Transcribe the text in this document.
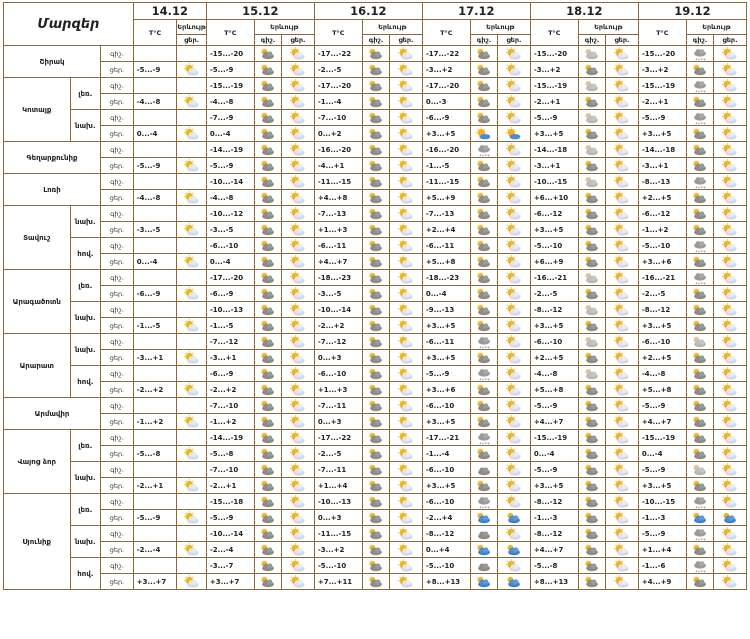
Մարզեր			14.12		15.12			16.12			17.12			18.12			19.12		
			T°C	Երևույթ	T°C	Երևույթ		T°C	Երևույթ		T°C	Երևույթ		T°C	Երևույթ		T°C	Երևույթ	
				ցեր.		գիշ.	ցեր.		գիշ.	ցեր.		գիշ.	ցեր.		գիշ.	ցեր.		գիշ.	ցեր.
Շիրակ		գիշ.			-15...-20			-17...-22			-17...-22			-15...-20			-15...-20	

		ցեր.	-5...-9		-5...-9			-2...-5			-3...+2			-3...+2			-3...+2	

Կոտայք	լեռ.	գիշ.			-15...-19			-17...-20			-17...-20			-15...-19			-15...-19	

		ցեր.	-4...-8		-4...-8			-1...-4			0...-3			-2...+1			-2...+1	

	նախ.	գիշ.			-7...-9			-7...-10			-6...-9			-5...-9			-5...-9	

		ցեր.	0...-4		0...-4			0...+2			+3...+5			+3...+5			+3...+5	

Գեղարքունիք		գիշ.			-14...-19			-16...-20			-16...-20			-14...-18			-14...-18	

		ցեր.	-5...-9		-5...-9			-4...+1			-1...-5			-3...+1			-3...+1	

Լոռի		գիշ.			-10...-14			-11...-15			-11...-15			-10...-15			-8...-13	

		ցեր.	-4...-8		-4...-8			+4...+8			+5...+9			+6...+10			+2...+5	

Տավուշ	նախ.	գիշ.			-10...-12			-7...-13			-7...-13			-6...-12			-6...-12	

		ցեր.	-3...-5		-3...-5			+1...+3			+2...+4			+3...+5			-1...+2	

	հով.	գիշ.			-6...-10			-6...-11			-6...-11			-5...-10			-5...-10	

		ցեր.	0...-4		0...-4			+4...+7			+5...+8			+6...+9			+3...+6	

Արագածոտն	լեռ.	գիշ.			-17...-20			-18...-23			-18...-23			-16...-21			-16...-21	

		ցեր.	-6...-9		-6...-9			-3...-5			0...-4			-2...-5			-2...-5	

	նախ.	գիշ.			-10...-13			-10...-14			-9...-13			-8...-12			-8...-12	

		ցեր.	-1...-5		-1...-5			-2...+2			+3...+5			+3...+5			+3...+5	

Արարատ	նախ.	գիշ.			-7...-12			-7...-12			-6...-11			-6...-10			-6...-10	

		ցեր.	-3...+1		-3...+1			0...+3			+3...+5			+2...+5			+2...+5	

	հով.	գիշ.			-6...-9			-6...-10			-5...-9			-4...-8			-4...-8	

		ցեր.	-2...+2		-2...+2			+1...+3			+3...+6			+5...+8			+5...+8	

Արմավիր		գիշ.			-7...-10			-7...-11			-6...-10			-5...-9			-5...-9	

		ցեր.	-1...+2		-1...+2			0...+3			+3...+5			+4...+7			+4...+7	

Վայոց ձոր	լեռ.	գիշ.			-14...-19			-17...-22			-17...-21			-15...-19			-15...-19	

		ցեր.	-5...-8		-5...-8			-2...-5			-1...-4			0...-4			0...-4	

	նախ.	գիշ.			-7...-10			-7...-11			-6...-10			-5...-9			-5...-9	

		ցեր.	-2...+1		-2...+1			+1...+4			+3...+5			+3...+5			+3...+5	

Սյունիք	լեռ.	գիշ.			-15...-18			-10...-13			-6...-10			-8...-12			-10...-15	

		ցեր.	-5...-9		-5...-9			0...+3			-2...+4			-1...-3			-1...-3	

	նախ.	գիշ.			-10...-14			-11...-15			-8...-12			-8...-12			-5...-9	

		ցեր.	-2...-4		-2...-4			-3...+2			0...+4			+4...+7			+1...+4	

	հով.	գիշ.			-3...-7			-5...-10			-5...-10			-5...-8			-1...-6	

		ցեր.	+3...+7		+3...+7			+7...+11			+8...+13			+8...+13			+4...+9	
